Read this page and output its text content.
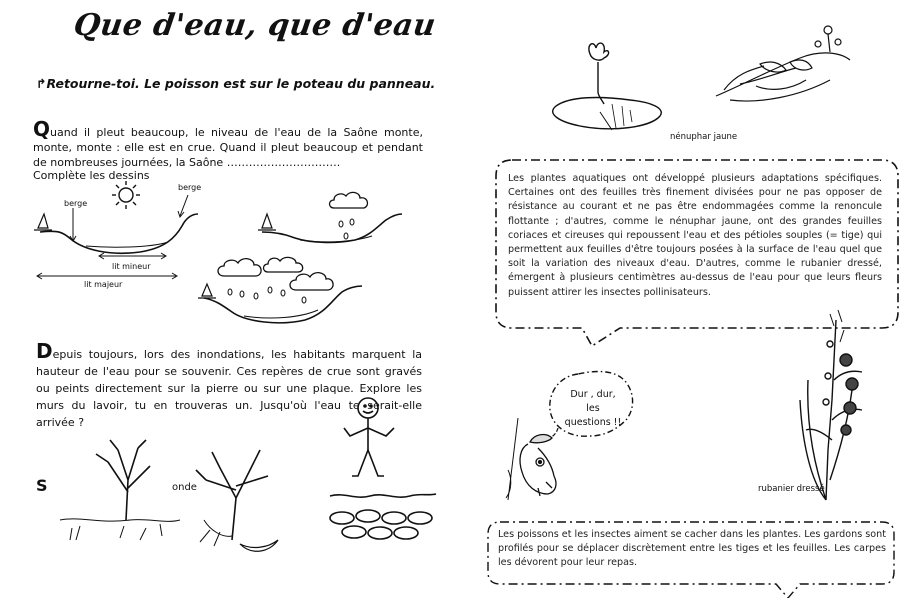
Que d'eau, que d'eau
↱Retourne-toi. Le poisson est sur le poteau du panneau.
Quand il pleut beaucoup, le niveau de l'eau de la Saône monte, monte, monte : elle est en crue. Quand il pleut beaucoup et pendant de nombreuses journées, la Saône ………………………….
Complète les dessins
berge
berge
lit mineur
lit majeur
Depuis toujours, lors des inondations, les habitants marquent la hauteur de l'eau pour se souvenir. Ces repères de crue sont gravés ou peints directement sur la pierre ou sur une plaque. Explore les murs du lavoir, tu en trouveras un. Jusqu'où l'eau te serait-elle arrivée ?
S	onde
nénuphar jaune
rubanier dressé
Les plantes aquatiques ont développé plusieurs adaptations spécifiques. Certaines ont des feuilles très finement divisées pour ne pas opposer de résistance au courant et ne pas être endommagées comme la renoncule flottante ; d'autres, comme le nénuphar jaune, ont des grandes feuilles coriaces et cireuses qui repoussent l'eau et des pétioles souples (= tige) qui permettent aux feuilles d'être toujours posées à la surface de l'eau quel que soit la variation des niveaux d'eau. D'autres, comme le rubanier dressé, émergent à plusieurs centimètres au-dessus de l'eau pour que leurs fleurs puissent attirer les insectes pollinisateurs.
Dur , dur,
les
questions !!
Les poissons et les insectes aiment se cacher dans les plantes. Les gardons sont profilés pour se déplacer discrètement entre les tiges et les feuilles. Les carpes les dévorent pour leur repas.
